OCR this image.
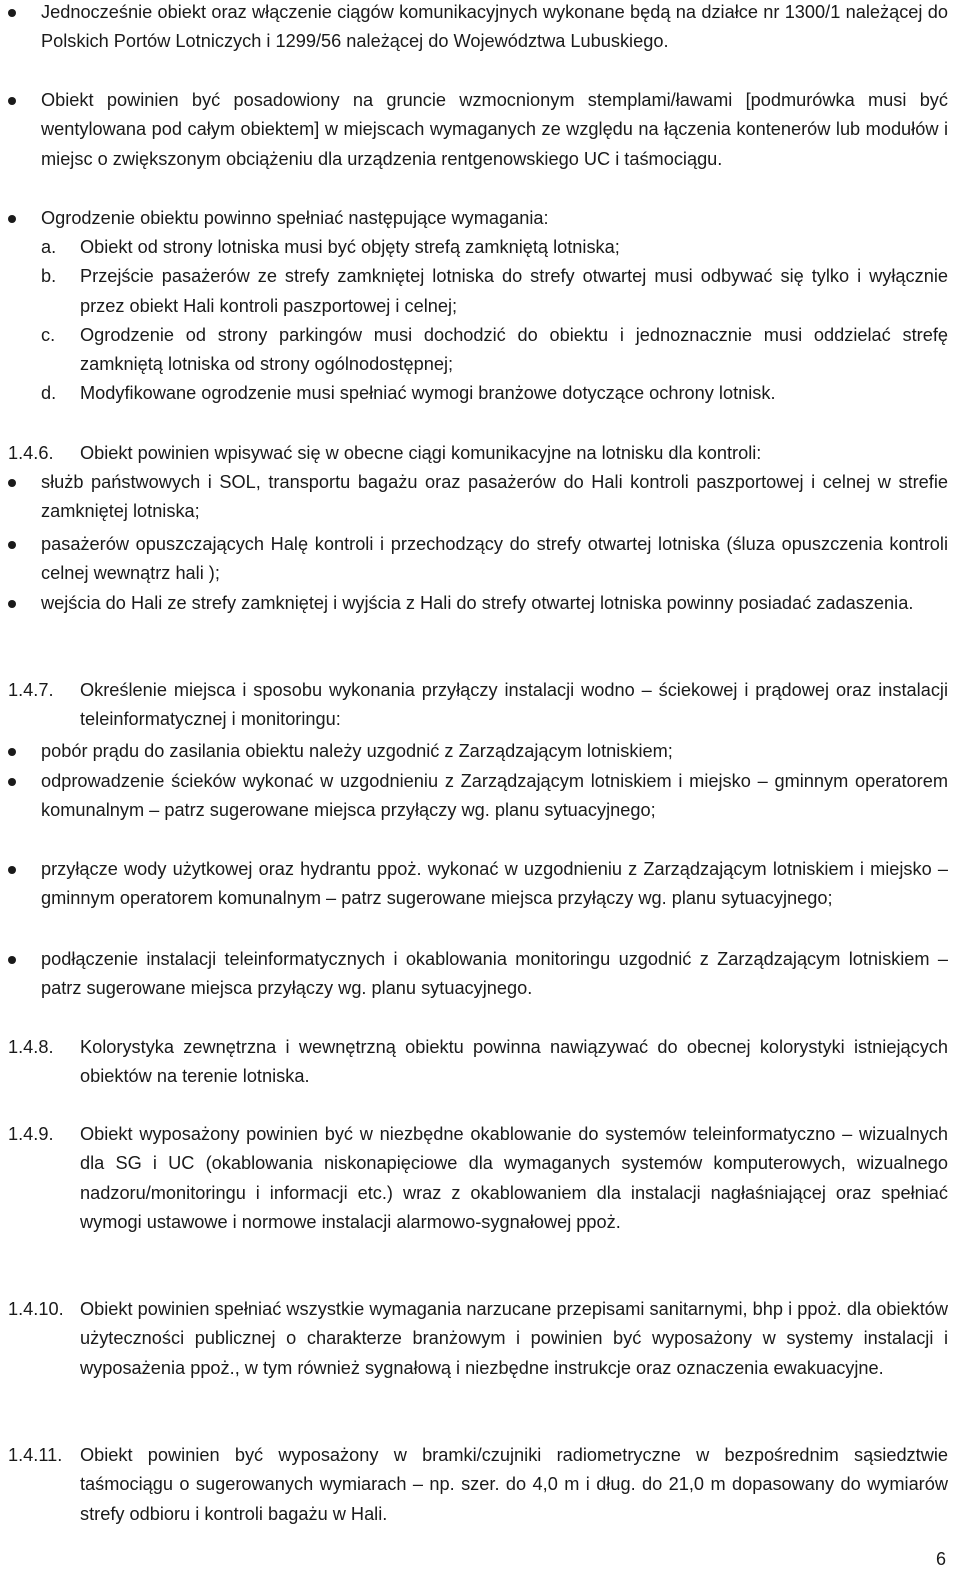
Jednocześnie obiekt oraz włączenie ciągów komunikacyjnych wykonane będą na działce nr 1300/1 należącej do Polskich Portów Lotniczych i 1299/56 należącej do Województwa Lubuskiego.
Obiekt powinien być posadowiony na gruncie wzmocnionym stemplami/ławami [podmurówka musi być wentylowana pod całym obiektem] w miejscach wymaganych ze względu na łączenia kontenerów lub modułów i miejsc o zwiększonym obciążeniu dla urządzenia rentgenowskiego UC i taśmociągu.
Ogrodzenie obiektu powinno spełniać następujące wymagania:
a. Obiekt od strony lotniska musi być objęty strefą zamkniętą lotniska;
b. Przejście pasażerów ze strefy zamkniętej lotniska do strefy otwartej musi odbywać się tylko i wyłącznie przez obiekt Hali kontroli paszportowej i celnej;
c. Ogrodzenie od strony parkingów musi dochodzić do obiektu i jednoznacznie musi oddzielać strefę zamkniętą lotniska od strony ogólnodostępnej;
d. Modyfikowane ogrodzenie musi spełniać wymogi branżowe dotyczące ochrony lotnisk.
1.4.6. Obiekt powinien wpisywać się w obecne ciągi komunikacyjne na lotnisku dla kontroli:
służb państwowych i SOL, transportu bagażu oraz pasażerów do Hali kontroli paszportowej i celnej w strefie zamkniętej lotniska;
pasażerów opuszczających Halę kontroli i przechodzący do strefy otwartej lotniska (śluza opuszczenia kontroli celnej wewnątrz hali );
wejścia do Hali ze strefy zamkniętej i wyjścia z Hali do strefy otwartej lotniska powinny posiadać zadaszenia.
1.4.7. Określenie miejsca i sposobu wykonania przyłączy instalacji wodno – ściekowej i prądowej oraz instalacji teleinformatycznej i monitoringu:
pobór prądu do zasilania obiektu należy uzgodnić z Zarządzającym lotniskiem;
odprowadzenie ścieków wykonać w uzgodnieniu z Zarządzającym lotniskiem i miejsko – gminnym operatorem komunalnym – patrz sugerowane miejsca przyłączy wg. planu sytuacyjnego;
przyłącze wody użytkowej oraz hydrantu ppoż. wykonać w uzgodnieniu z Zarządzającym lotniskiem i miejsko – gminnym operatorem komunalnym – patrz sugerowane miejsca przyłączy wg. planu sytuacyjnego;
podłączenie instalacji teleinformatycznych i okablowania monitoringu uzgodnić z Zarządzającym lotniskiem – patrz sugerowane miejsca przyłączy wg. planu sytuacyjnego.
1.4.8. Kolorystyka zewnętrzna i wewnętrzną obiektu powinna nawiązywać do obecnej kolorystyki istniejących obiektów na terenie lotniska.
1.4.9. Obiekt wyposażony powinien być w niezbędne okablowanie do systemów teleinformatyczno – wizualnych dla SG i UC (okablowania niskonapięciowe dla wymaganych systemów komputerowych, wizualnego nadzoru/monitoringu i informacji etc.) wraz z okablowaniem dla instalacji nagłaśniającej oraz spełniać wymogi ustawowe i normowe instalacji alarmowo-sygnałowej ppoż.
1.4.10. Obiekt powinien spełniać wszystkie wymagania narzucane przepisami sanitarnymi, bhp i ppoż. dla obiektów użyteczności publicznej o charakterze branżowym i powinien być wyposażony w systemy instalacji i wyposażenia ppoż., w tym również sygnałową i niezbędne instrukcje oraz oznaczenia ewakuacyjne.
1.4.11. Obiekt powinien być wyposażony w bramki/czujniki radiometryczne w bezpośrednim sąsiedztwie taśmociągu o sugerowanych wymiarach – np. szer. do 4,0 m i dług. do 21,0 m dopasowany do wymiarów strefy odbioru i kontroli bagażu w Hali.
6
